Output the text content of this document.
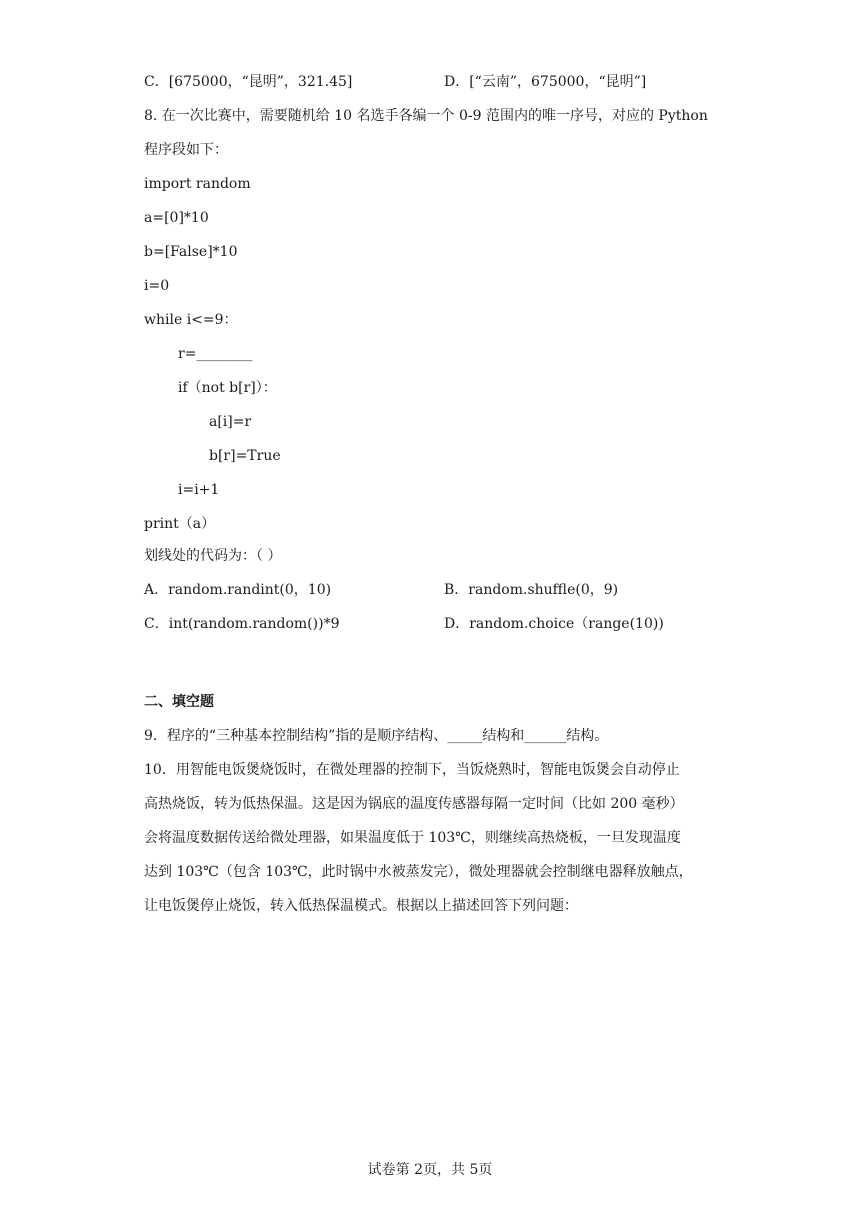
C．[675000，“昆明”，321.45]	D．[“云南”，675000，“昆明”]
8. 在一次比赛中，需要随机给 10 名选手各编一个 0-9 范围内的唯一序号，对应的 Python
程序段如下：
import random
a=[0]*10
b=[False]*10
i=0
while i<=9：
r=________
if（not b[r]）：
a[i]=r
b[r]=True
i=i+1
print（a）
划线处的代码为：（ ）
A．random.randint(0，10)	B．random.shuffle(0，9)
C．int(random.random())*9	D．random.choice（range(10))
二、填空题
9．程序的“三种基本控制结构”指的是顺序结构、_____结构和______结构。
10．用智能电饭煲烧饭时，在微处理器的控制下，当饭烧熟时，智能电饭煲会自动停止
高热烧饭，转为低热保温。这是因为锅底的温度传感器每隔一定时间（比如 200 毫秒）
会将温度数据传送给微处理器，如果温度低于 103℃，则继续高热烧板，一旦发现温度
达到 103℃（包含 103℃，此时锅中水被蒸发完），微处理器就会控制继电器释放触点，
让电饭煲停止烧饭，转入低热保温模式。根据以上描述回答下列问题：
试卷第 2页，共 5页
